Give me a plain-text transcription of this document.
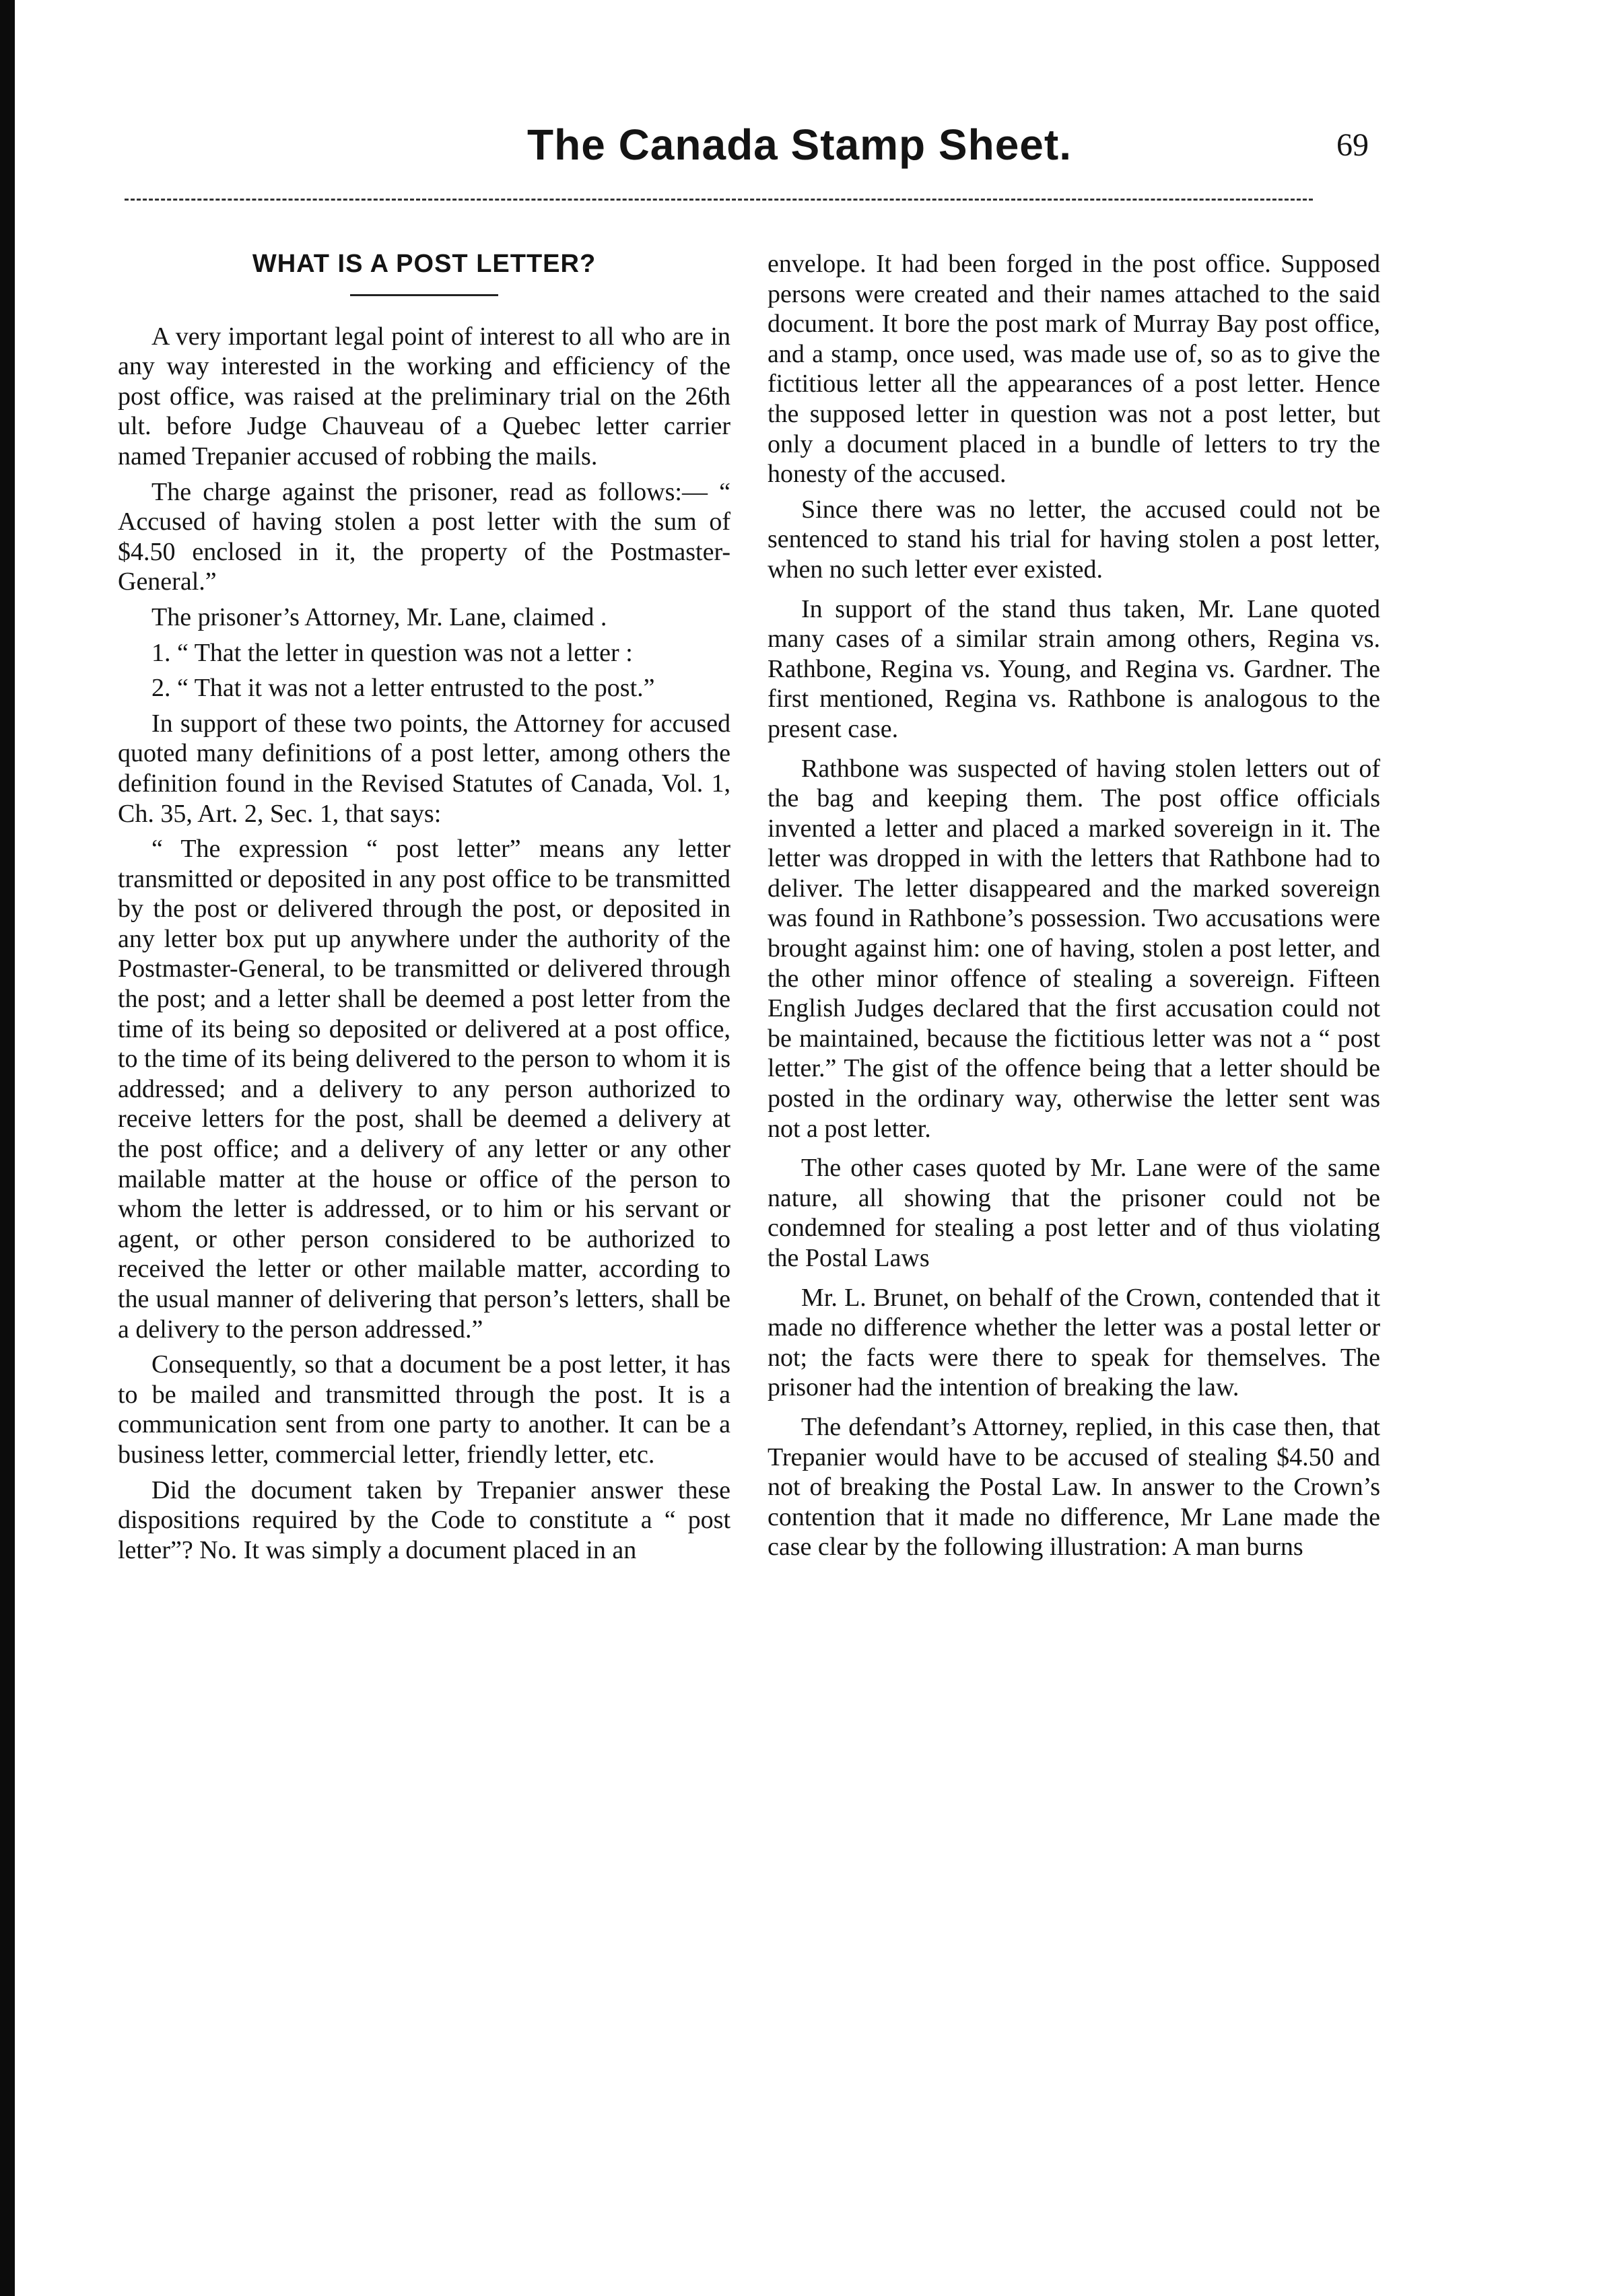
The Canada Stamp Sheet.	69
WHAT IS A POST LETTER?

A very important legal point of interest to all who are in any way interested in the working and efficiency of the post office, was raised at the preliminary trial on the 26th ult. before Judge Chauveau of a Quebec letter carrier named Trepanier accused of robbing the mails.

The charge against the prisoner, read as follows:— “ Accused of having stolen a post letter with the sum of $4.50 enclosed in it, the property of the Postmaster-General.”

The prisoner’s Attorney, Mr. Lane, claimed .

1. “ That the letter in question was not a letter :

2. “ That it was not a letter entrusted to the post.”

In support of these two points, the Attorney for accused quoted many definitions of a post letter, among others the definition found in the Revised Statutes of Canada, Vol. 1, Ch. 35, Art. 2, Sec. 1, that says:

“ The expression “ post letter” means any letter transmitted or deposited in any post office to be transmitted by the post or delivered through the post, or deposited in any letter box put up anywhere under the authority of the Postmaster-General, to be transmitted or delivered through the post; and a letter shall be deemed a post letter from the time of its being so deposited or delivered at a post office, to the time of its being delivered to the person to whom it is addressed; and a delivery to any person authorized to receive letters for the post, shall be deemed a delivery at the post office; and a delivery of any letter or any other mailable matter at the house or office of the person to whom the letter is addressed, or to him or his servant or agent, or other person considered to be authorized to received the letter or other mailable matter, according to the usual manner of delivering that person’s letters, shall be a delivery to the person addressed.”

Consequently, so that a document be a post letter, it has to be mailed and transmitted through the post. It is a communication sent from one party to another. It can be a business letter, commercial letter, friendly letter, etc.

Did the document taken by Trepanier answer these dispositions required by the Code to constitute a “ post letter”? No. It was simply a document placed in an

envelope. It had been forged in the post office. Supposed persons were created and their names attached to the said document. It bore the post mark of Murray Bay post office, and a stamp, once used, was made use of, so as to give the fictitious letter all the appearances of a post letter. Hence the supposed letter in question was not a post letter, but only a document placed in a bundle of letters to try the honesty of the accused.

Since there was no letter, the accused could not be sentenced to stand his trial for having stolen a post letter, when no such letter ever existed.

In support of the stand thus taken, Mr. Lane quoted many cases of a similar strain among others, Regina vs. Rathbone, Regina vs. Young, and Regina vs. Gardner. The first mentioned, Regina vs. Rathbone is analogous to the present case.

Rathbone was suspected of having stolen letters out of the bag and keeping them. The post office officials invented a letter and placed a marked sovereign in it. The letter was dropped in with the letters that Rathbone had to deliver. The letter disappeared and the marked sovereign was found in Rathbone’s possession. Two accusations were brought against him: one of having, stolen a post letter, and the other minor offence of stealing a sovereign. Fifteen English Judges declared that the first accusation could not be maintained, because the fictitious letter was not a “ post letter.” The gist of the offence being that a letter should be posted in the ordinary way, otherwise the letter sent was not a post letter.

The other cases quoted by Mr. Lane were of the same nature, all showing that the prisoner could not be condemned for stealing a post letter and of thus violating the Postal Laws

Mr. L. Brunet, on behalf of the Crown, contended that it made no difference whether the letter was a postal letter or not; the facts were there to speak for themselves. The prisoner had the intention of breaking the law.

The defendant’s Attorney, replied, in this case then, that Trepanier would have to be accused of stealing $4.50 and not of breaking the Postal Law. In answer to the Crown’s contention that it made no difference, Mr Lane made the case clear by the following illustration: A man burns
